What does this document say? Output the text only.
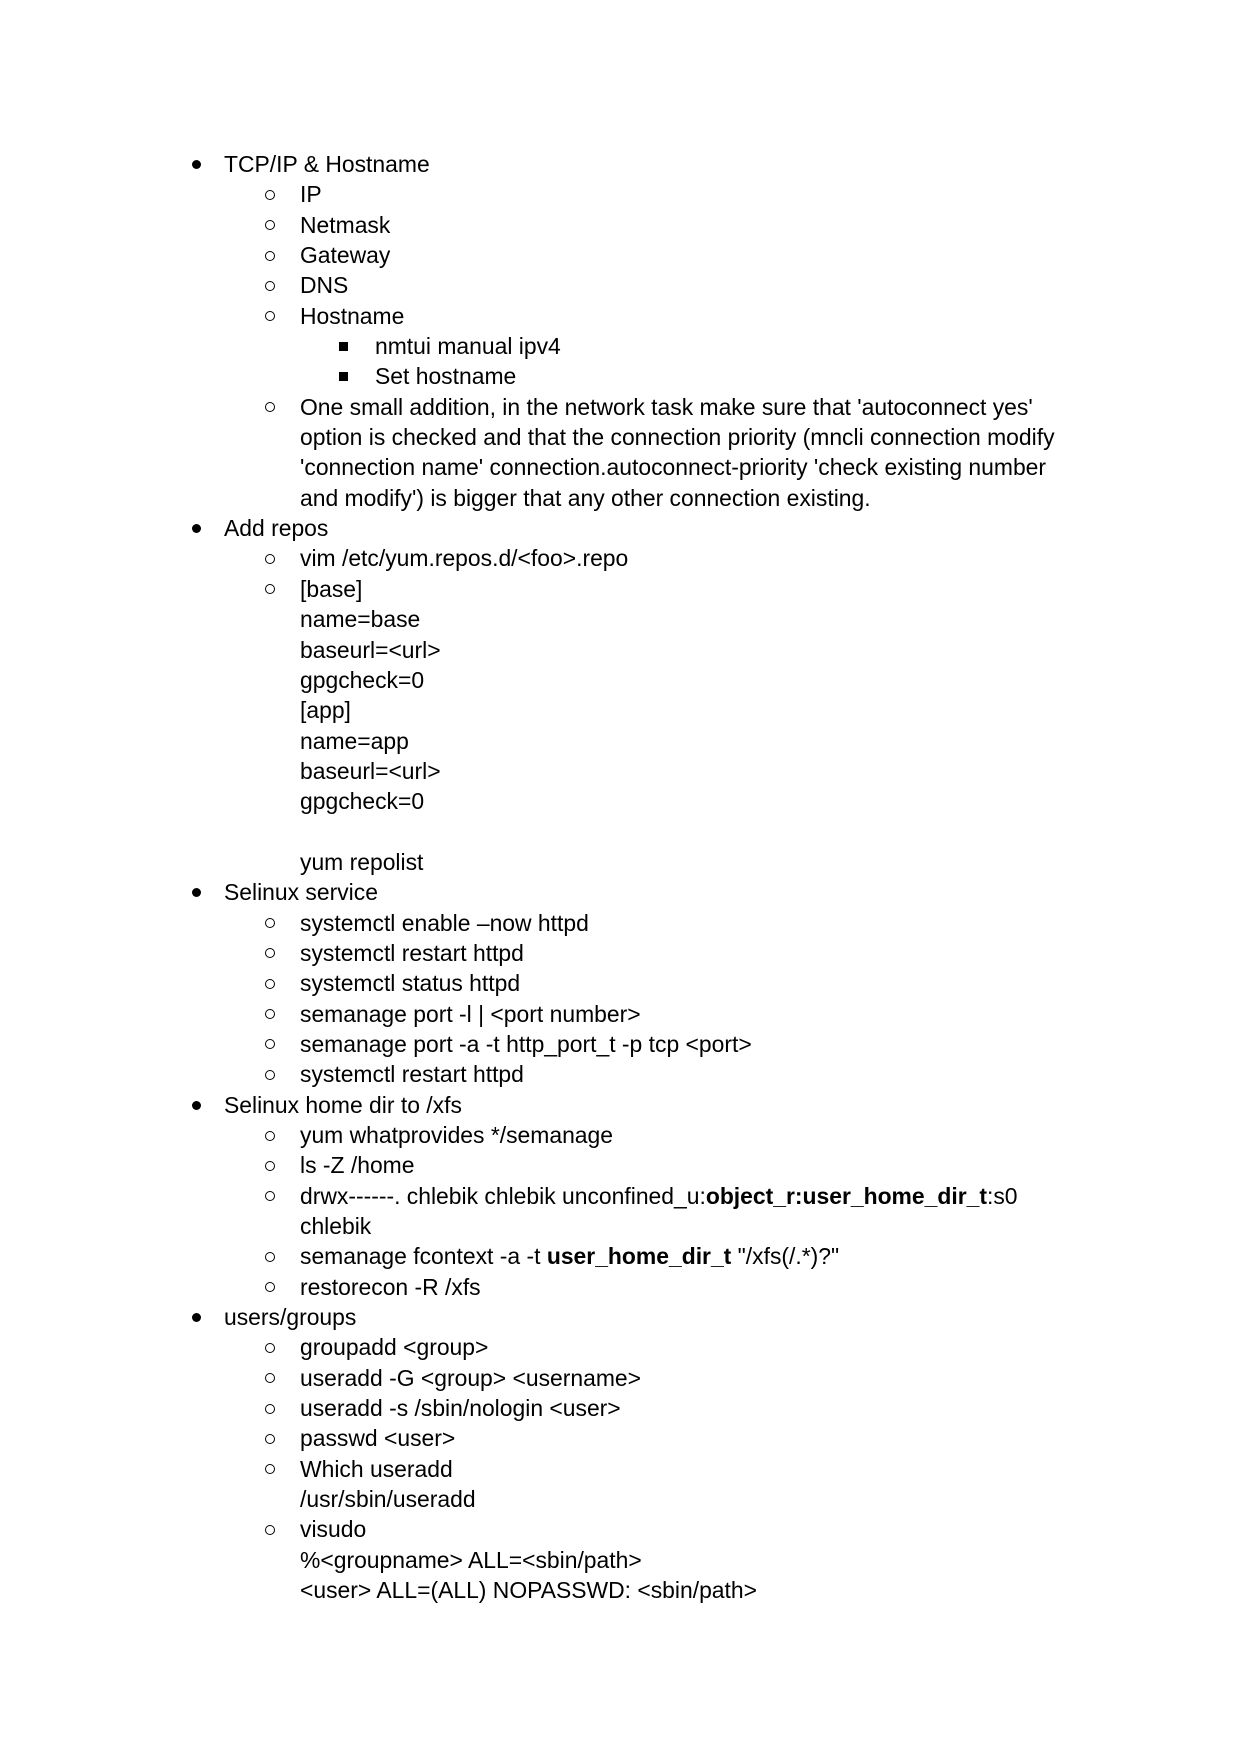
TCP/IP & Hostname
IP
Netmask
Gateway
DNS
Hostname
nmtui manual ipv4
Set hostname
One small addition, in the network task make sure that 'autoconnect yes'
option is checked and that the connection priority (mncli connection modify
'connection name' connection.autoconnect-priority 'check existing number
and modify') is bigger that any other connection existing.
Add repos
vim /etc/yum.repos.d/<foo>.repo
[base]
name=base
baseurl=<url>
gpgcheck=0
[app]
name=app
baseurl=<url>
gpgcheck=0
yum repolist
Selinux service
systemctl enable –now httpd
systemctl restart httpd
systemctl status httpd
semanage port -l | <port number>
semanage port -a -t http_port_t -p tcp <port>
systemctl restart httpd
Selinux home dir to /xfs
yum whatprovides */semanage
ls -Z /home
drwx------. chlebik chlebik unconfined_u:object_r:user_home_dir_t:s0
chlebik
semanage fcontext -a -t user_home_dir_t "/xfs(/.*)?"
restorecon -R /xfs
users/groups
groupadd <group>
useradd -G <group> <username>
useradd -s /sbin/nologin <user>
passwd <user>
Which useradd
/usr/sbin/useradd
visudo
%<groupname> ALL=<sbin/path>
<user> ALL=(ALL) NOPASSWD: <sbin/path>
